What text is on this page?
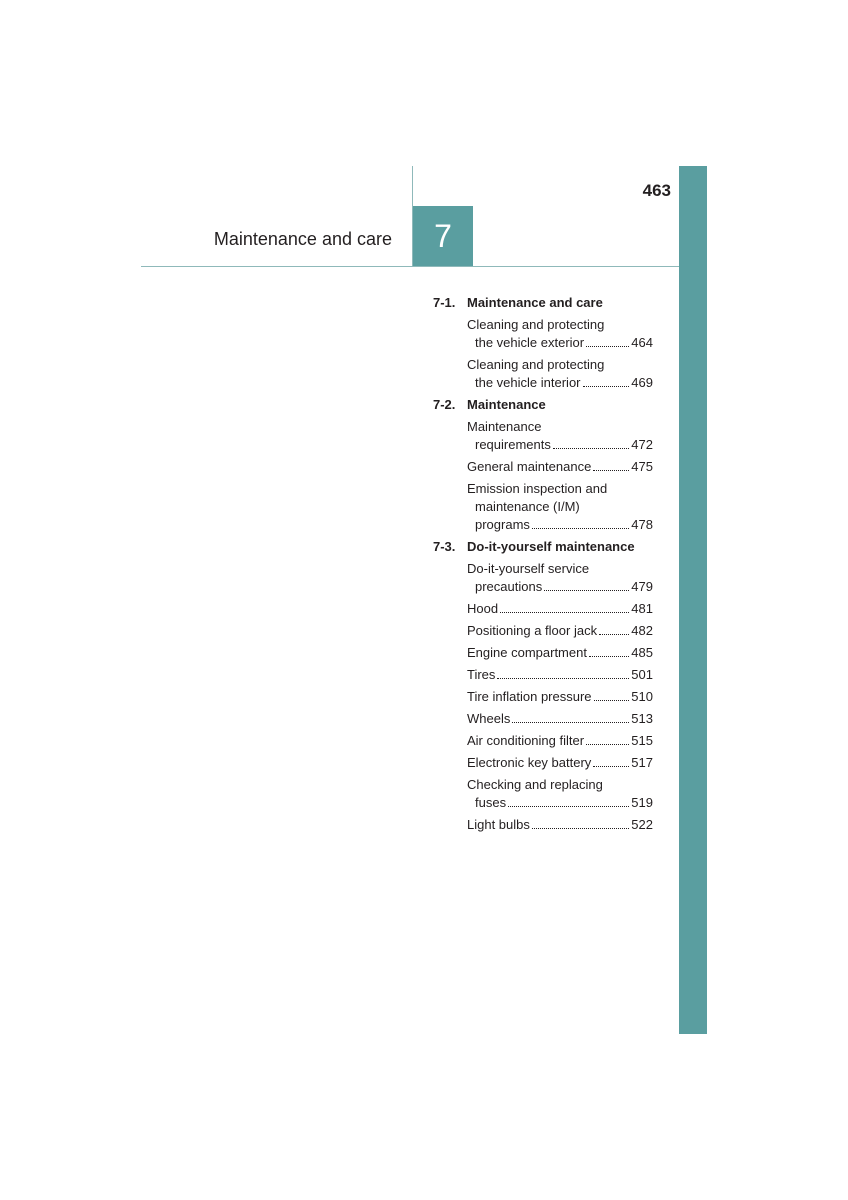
463
7
Maintenance and care
7-1. Maintenance and care
Cleaning and protecting
the vehicle exterior	464
Cleaning and protecting
the vehicle interior	469
7-2. Maintenance
Maintenance
requirements	472
General maintenance	475
Emission inspection and
maintenance (I/M)
programs	478
7-3. Do-it-yourself maintenance
Do-it-yourself service
precautions	479
Hood	481
Positioning a floor jack	482
Engine compartment	485
Tires	501
Tire inflation pressure	510
Wheels	513
Air conditioning filter	515
Electronic key battery	517
Checking and replacing
fuses	519
Light bulbs	522
